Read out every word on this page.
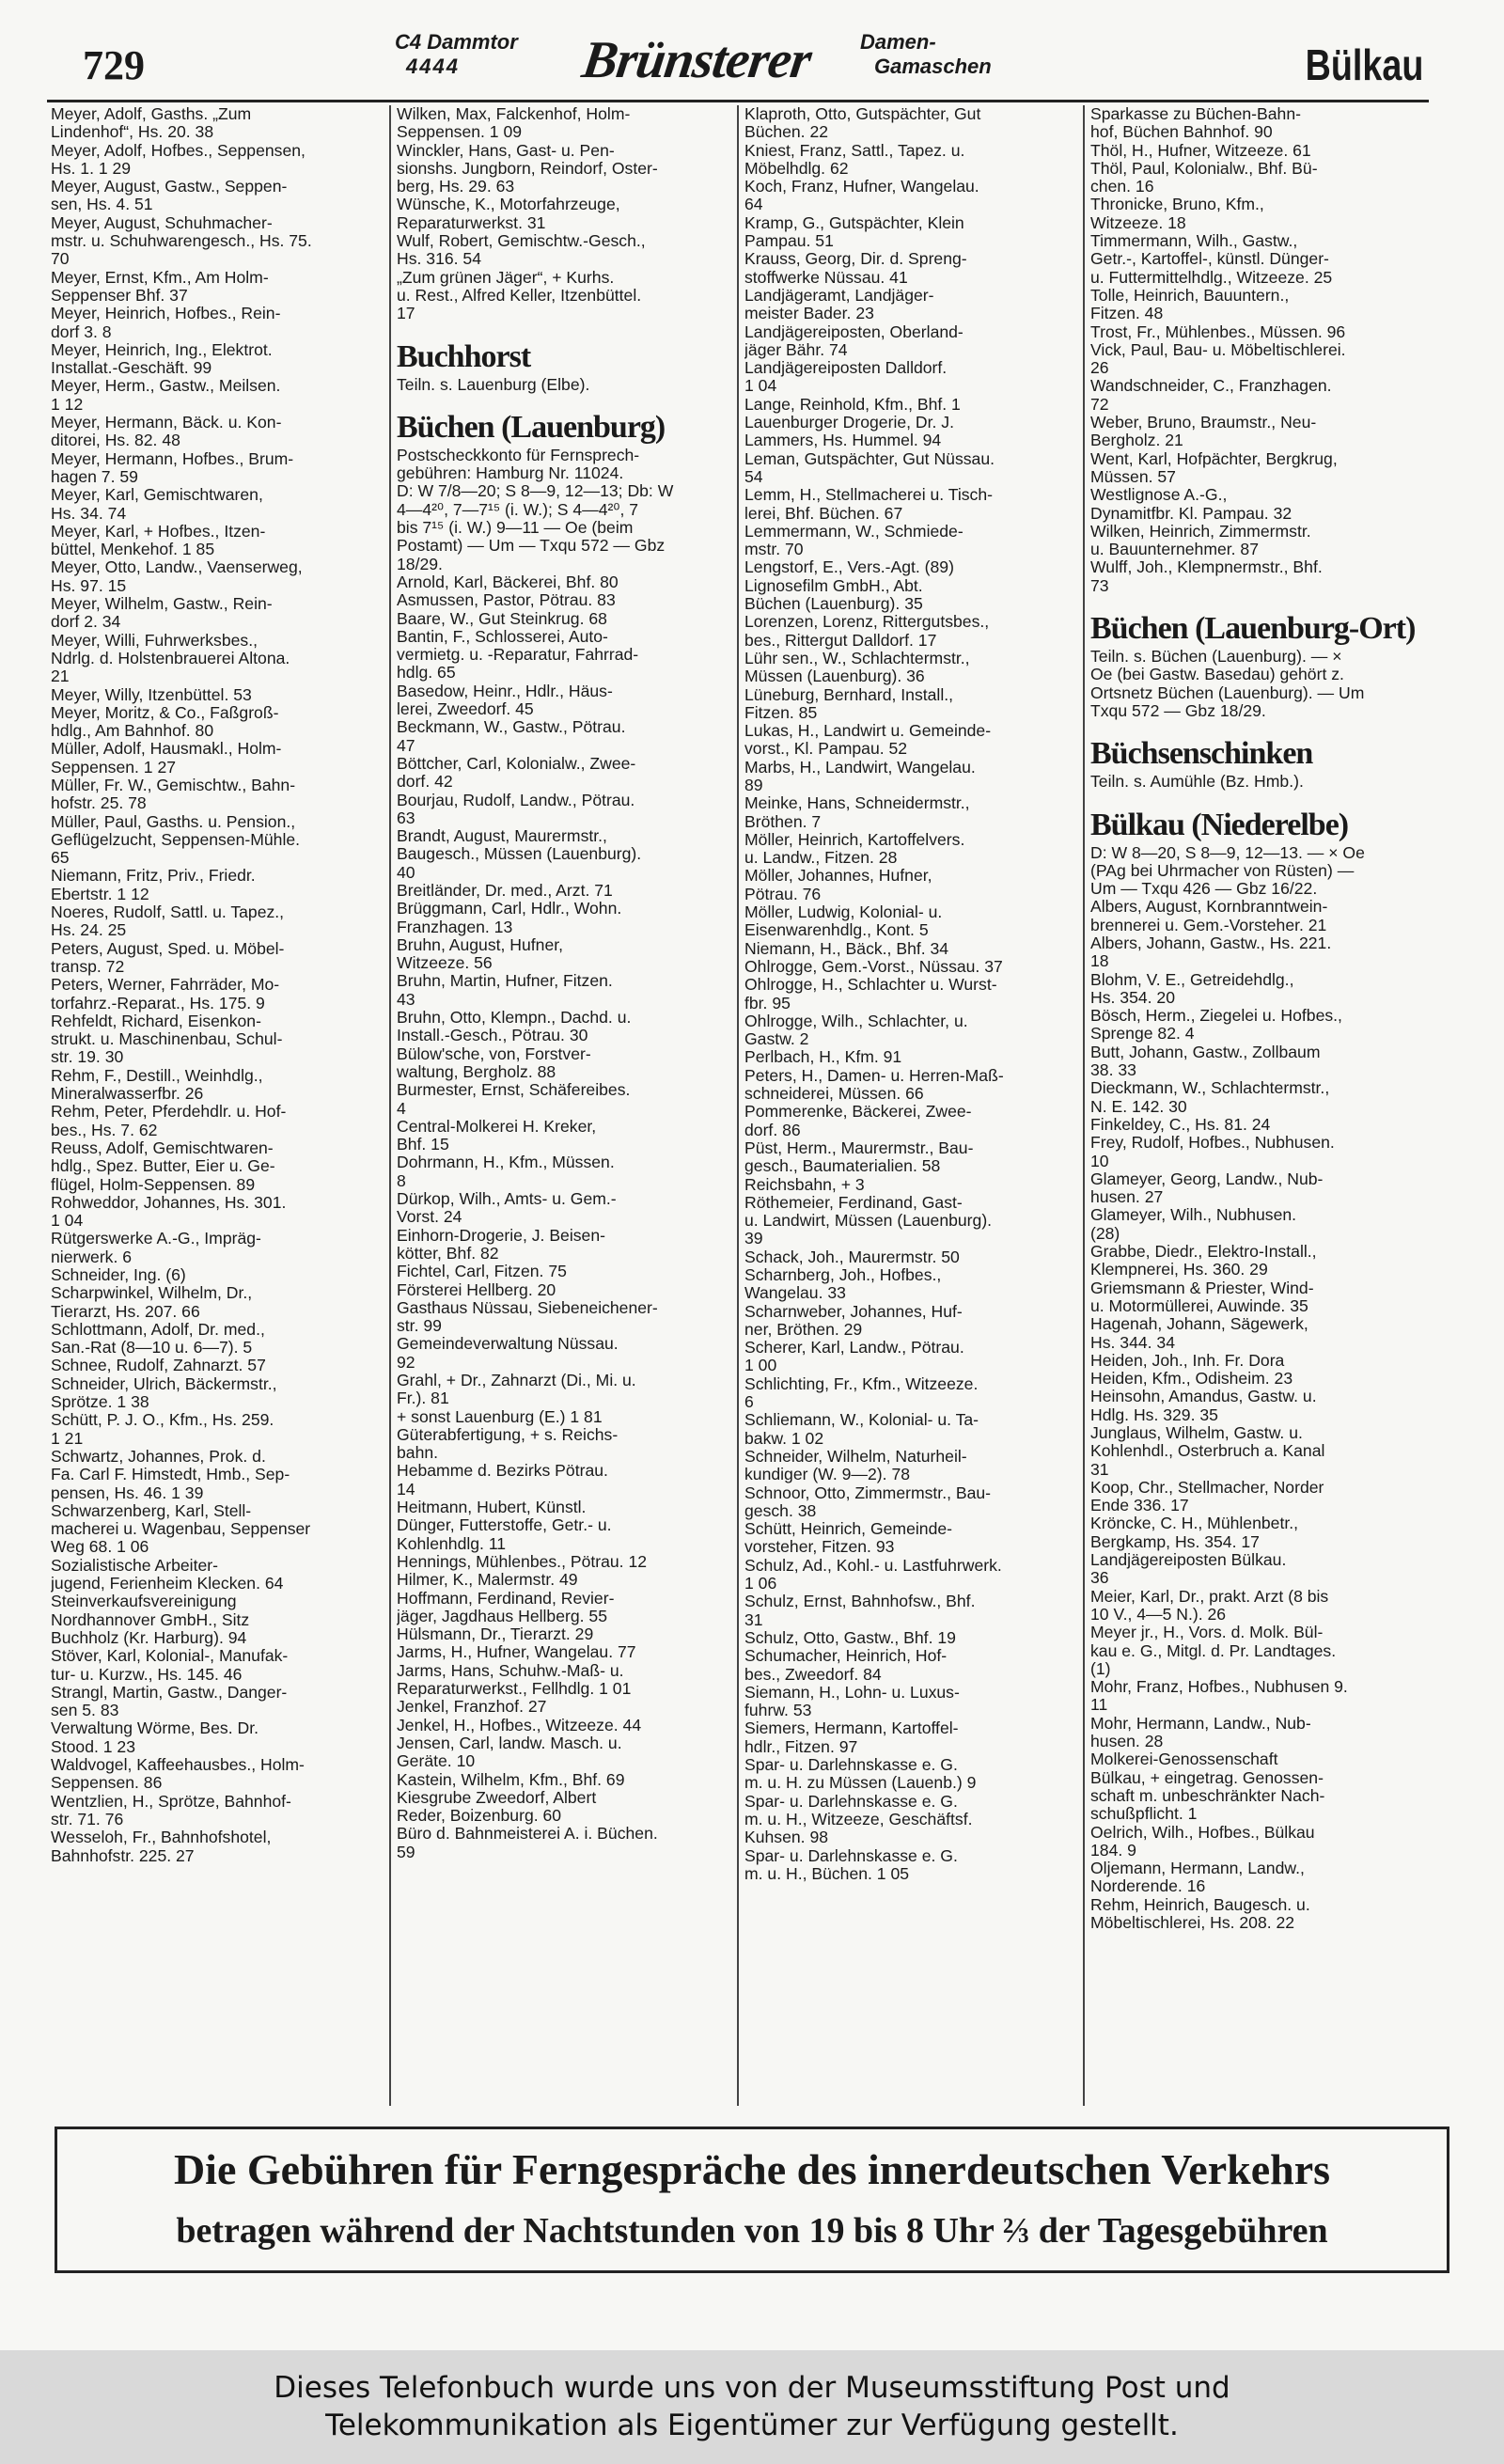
729
C4 Dammtor
4444 Brünsterer Damen-
Gamaschen	Bülkau
Meyer, Adolf, Gasths. „Zum
Lindenhof“, Hs. 20. 38
Meyer, Adolf, Hofbes., Seppensen,
Hs. 1. 1 29
Meyer, August, Gastw., Seppen-
sen, Hs. 4. 51
Meyer, August, Schuhmacher-
mstr. u. Schuhwarengesch., Hs. 75.
70
Meyer, Ernst, Kfm., Am Holm-
Seppenser Bhf. 37
Meyer, Heinrich, Hofbes., Rein-
dorf 3. 8
Meyer, Heinrich, Ing., Elektrot.
Installat.-Geschäft. 99
Meyer, Herm., Gastw., Meilsen.
1 12
Meyer, Hermann, Bäck. u. Kon-
ditorei, Hs. 82. 48
Meyer, Hermann, Hofbes., Brum-
hagen 7. 59
Meyer, Karl, Gemischtwaren,
Hs. 34. 74
Meyer, Karl, + Hofbes., Itzen-
büttel, Menkehof. 1 85
Meyer, Otto, Landw., Vaenserweg,
Hs. 97. 15
Meyer, Wilhelm, Gastw., Rein-
dorf 2. 34
Meyer, Willi, Fuhrwerksbes.,
Ndrlg. d. Holstenbrauerei Altona.
21
Meyer, Willy, Itzenbüttel. 53
Meyer, Moritz, & Co., Faßgroß-
hdlg., Am Bahnhof. 80
Müller, Adolf, Hausmakl., Holm-
Seppensen. 1 27
Müller, Fr. W., Gemischtw., Bahn-
hofstr. 25. 78
Müller, Paul, Gasths. u. Pension.,
Geflügelzucht, Seppensen-Mühle.
65
Niemann, Fritz, Priv., Friedr.
Ebertstr. 1 12
Noeres, Rudolf, Sattl. u. Tapez.,
Hs. 24. 25
Peters, August, Sped. u. Möbel-
transp. 72
Peters, Werner, Fahrräder, Mo-
torfahrz.-Reparat., Hs. 175. 9
Rehfeldt, Richard, Eisenkon-
strukt. u. Maschinenbau, Schul-
str. 19. 30
Rehm, F., Destill., Weinhdlg.,
Mineralwasserfbr. 26
Rehm, Peter, Pferdehdlr. u. Hof-
bes., Hs. 7. 62
Reuss, Adolf, Gemischtwaren-
hdlg., Spez. Butter, Eier u. Ge-
flügel, Holm-Seppensen. 89
Rohweddor, Johannes, Hs. 301.
1 04
Rütgerswerke A.-G., Impräg-
nierwerk. 6
Schneider, Ing. (6)
Scharpwinkel, Wilhelm, Dr.,
Tierarzt, Hs. 207. 66
Schlottmann, Adolf, Dr. med.,
San.-Rat (8—10 u. 6—7). 5
Schnee, Rudolf, Zahnarzt. 57
Schneider, Ulrich, Bäckermstr.,
Sprötze. 1 38
Schütt, P. J. O., Kfm., Hs. 259.
1 21
Schwartz, Johannes, Prok. d.
Fa. Carl F. Himstedt, Hmb., Sep-
pensen, Hs. 46. 1 39
Schwarzenberg, Karl, Stell-
macherei u. Wagenbau, Seppenser
Weg 68. 1 06
Sozialistische Arbeiter-
jugend, Ferienheim Klecken. 64
Steinverkaufsvereinigung
Nordhannover GmbH., Sitz
Buchholz (Kr. Harburg). 94
Stöver, Karl, Kolonial-, Manufak-
tur- u. Kurzw., Hs. 145. 46
Strangl, Martin, Gastw., Danger-
sen 5. 83
Verwaltung Wörme, Bes. Dr.
Stood. 1 23
Waldvogel, Kaffeehausbes., Holm-
Seppensen. 86
Wentzlien, H., Sprötze, Bahnhof-
str. 71. 76
Wesseloh, Fr., Bahnhofshotel,
Bahnhofstr. 225. 27
Wilken, Max, Falckenhof, Holm-
Seppensen. 1 09
Winckler, Hans, Gast- u. Pen-
sionshs. Jungborn, Reindorf, Oster-
berg, Hs. 29. 63
Wünsche, K., Motorfahrzeuge,
Reparaturwerkst. 31
Wulf, Robert, Gemischtw.-Gesch.,
Hs. 316. 54
„Zum grünen Jäger“, + Kurhs.
u. Rest., Alfred Keller, Itzenbüttel.
17
Buchhorst
Teiln. s. Lauenburg (Elbe).
Büchen (Lauenburg)
Postscheckkonto für Fernsprech-
gebühren: Hamburg Nr. 11024.
D: W 7/8—20; S 8—9, 12—13; Db: W
4—4²⁰, 7—7¹⁵ (i. W.); S 4—4²⁰, 7
bis 7¹⁵ (i. W.) 9—11 — Oe (beim
Postamt) — Um — Txqu 572 — Gbz
18/29.
Arnold, Karl, Bäckerei, Bhf. 80
Asmussen, Pastor, Pötrau. 83
Baare, W., Gut Steinkrug. 68
Bantin, F., Schlosserei, Auto-
vermietg. u. -Reparatur, Fahrrad-
hdlg. 65
Basedow, Heinr., Hdlr., Häus-
lerei, Zweedorf. 45
Beckmann, W., Gastw., Pötrau.
47
Böttcher, Carl, Kolonialw., Zwee-
dorf. 42
Bourjau, Rudolf, Landw., Pötrau.
63
Brandt, August, Maurermstr.,
Baugesch., Müssen (Lauenburg).
40
Breitländer, Dr. med., Arzt. 71
Brüggmann, Carl, Hdlr., Wohn.
Franzhagen. 13
Bruhn, August, Hufner,
Witzeeze. 56
Bruhn, Martin, Hufner, Fitzen.
43
Bruhn, Otto, Klempn., Dachd. u.
Install.-Gesch., Pötrau. 30
Bülow'sche, von, Forstver-
waltung, Bergholz. 88
Burmester, Ernst, Schäfereibes.
4
Central-Molkerei H. Kreker,
Bhf. 15
Dohrmann, H., Kfm., Müssen.
8
Dürkop, Wilh., Amts- u. Gem.-
Vorst. 24
Einhorn-Drogerie, J. Beisen-
kötter, Bhf. 82
Fichtel, Carl, Fitzen. 75
Försterei Hellberg. 20
Gasthaus Nüssau, Siebeneichener-
str. 99
Gemeindeverwaltung Nüssau.
92
Grahl, + Dr., Zahnarzt (Di., Mi. u.
Fr.). 81
+ sonst Lauenburg (E.) 1 81
Güterabfertigung, + s. Reichs-
bahn.
Hebamme d. Bezirks Pötrau.
14
Heitmann, Hubert, Künstl.
Dünger, Futterstoffe, Getr.- u.
Kohlenhdlg. 11
Hennings, Mühlenbes., Pötrau. 12
Hilmer, K., Malermstr. 49
Hoffmann, Ferdinand, Revier-
jäger, Jagdhaus Hellberg. 55
Hülsmann, Dr., Tierarzt. 29
Jarms, H., Hufner, Wangelau. 77
Jarms, Hans, Schuhw.-Maß- u.
Reparaturwerkst., Fellhdlg. 1 01
Jenkel, Franzhof. 27
Jenkel, H., Hofbes., Witzeeze. 44
Jensen, Carl, landw. Masch. u.
Geräte. 10
Kastein, Wilhelm, Kfm., Bhf. 69
Kiesgrube Zweedorf, Albert
Reder, Boizenburg. 60
Büro d. Bahnmeisterei A. i. Büchen.
59
Klaproth, Otto, Gutspächter, Gut
Büchen. 22
Kniest, Franz, Sattl., Tapez. u.
Möbelhdlg. 62
Koch, Franz, Hufner, Wangelau.
64
Kramp, G., Gutspächter, Klein
Pampau. 51
Krauss, Georg, Dir. d. Spreng-
stoffwerke Nüssau. 41
Landjägeramt, Landjäger-
meister Bader. 23
Landjägereiposten, Oberland-
jäger Bähr. 74
Landjägereiposten Dalldorf.
1 04
Lange, Reinhold, Kfm., Bhf. 1
Lauenburger Drogerie, Dr. J.
Lammers, Hs. Hummel. 94
Leman, Gutspächter, Gut Nüssau.
54
Lemm, H., Stellmacherei u. Tisch-
lerei, Bhf. Büchen. 67
Lemmermann, W., Schmiede-
mstr. 70
Lengstorf, E., Vers.-Agt. (89)
Lignosefilm GmbH., Abt.
Büchen (Lauenburg). 35
Lorenzen, Lorenz, Rittergutsbes.,
bes., Rittergut Dalldorf. 17
Lühr sen., W., Schlachtermstr.,
Müssen (Lauenburg). 36
Lüneburg, Bernhard, Install.,
Fitzen. 85
Lukas, H., Landwirt u. Gemeinde-
vorst., Kl. Pampau. 52
Marbs, H., Landwirt, Wangelau.
89
Meinke, Hans, Schneidermstr.,
Bröthen. 7
Möller, Heinrich, Kartoffelvers.
u. Landw., Fitzen. 28
Möller, Johannes, Hufner,
Pötrau. 76
Möller, Ludwig, Kolonial- u.
Eisenwarenhdlg., Kont. 5
Niemann, H., Bäck., Bhf. 34
Ohlrogge, Gem.-Vorst., Nüssau. 37
Ohlrogge, H., Schlachter u. Wurst-
fbr. 95
Ohlrogge, Wilh., Schlachter, u.
Gastw. 2
Perlbach, H., Kfm. 91
Peters, H., Damen- u. Herren-Maß-
schneiderei, Müssen. 66
Pommerenke, Bäckerei, Zwee-
dorf. 86
Püst, Herm., Maurermstr., Bau-
gesch., Baumaterialien. 58
Reichsbahn, + 3
Röthemeier, Ferdinand, Gast-
u. Landwirt, Müssen (Lauenburg).
39
Schack, Joh., Maurermstr. 50
Scharnberg, Joh., Hofbes.,
Wangelau. 33
Scharnweber, Johannes, Huf-
ner, Bröthen. 29
Scherer, Karl, Landw., Pötrau.
1 00
Schlichting, Fr., Kfm., Witzeeze.
6
Schliemann, W., Kolonial- u. Ta-
bakw. 1 02
Schneider, Wilhelm, Naturheil-
kundiger (W. 9—2). 78
Schnoor, Otto, Zimmermstr., Bau-
gesch. 38
Schütt, Heinrich, Gemeinde-
vorsteher, Fitzen. 93
Schulz, Ad., Kohl.- u. Lastfuhrwerk.
1 06
Schulz, Ernst, Bahnhofsw., Bhf.
31
Schulz, Otto, Gastw., Bhf. 19
Schumacher, Heinrich, Hof-
bes., Zweedorf. 84
Siemann, H., Lohn- u. Luxus-
fuhrw. 53
Siemers, Hermann, Kartoffel-
hdlr., Fitzen. 97
Spar- u. Darlehnskasse e. G.
m. u. H. zu Müssen (Lauenb.) 9
Spar- u. Darlehnskasse e. G.
m. u. H., Witzeeze, Geschäftsf.
Kuhsen. 98
Spar- u. Darlehnskasse e. G.
m. u. H., Büchen. 1 05
Sparkasse zu Büchen-Bahn-
hof, Büchen Bahnhof. 90
Thöl, H., Hufner, Witzeeze. 61
Thöl, Paul, Kolonialw., Bhf. Bü-
chen. 16
Thronicke, Bruno, Kfm.,
Witzeeze. 18
Timmermann, Wilh., Gastw.,
Getr.-, Kartoffel-, künstl. Dünger-
u. Futtermittelhdlg., Witzeeze. 25
Tolle, Heinrich, Bauuntern.,
Fitzen. 48
Trost, Fr., Mühlenbes., Müssen. 96
Vick, Paul, Bau- u. Möbeltischlerei.
26
Wandschneider, C., Franzhagen.
72
Weber, Bruno, Braumstr., Neu-
Bergholz. 21
Went, Karl, Hofpächter, Bergkrug,
Müssen. 57
Westlignose A.-G.,
Dynamitfbr. Kl. Pampau. 32
Wilken, Heinrich, Zimmermstr.
u. Bauunternehmer. 87
Wulff, Joh., Klempnermstr., Bhf.
73
Büchen (Lauenburg-Ort)
Teiln. s. Büchen (Lauenburg). — ×
Oe (bei Gastw. Basedau) gehört z.
Ortsnetz Büchen (Lauenburg). — Um
Txqu 572 — Gbz 18/29.
Büchsenschinken
Teiln. s. Aumühle (Bz. Hmb.).
Bülkau (Niederelbe)
D: W 8—20, S 8—9, 12—13. — × Oe
(PAg bei Uhrmacher von Rüsten) —
Um — Txqu 426 — Gbz 16/22.
Albers, August, Kornbranntwein-
brennerei u. Gem.-Vorsteher. 21
Albers, Johann, Gastw., Hs. 221.
18
Blohm, V. E., Getreidehdlg.,
Hs. 354. 20
Bösch, Herm., Ziegelei u. Hofbes.,
Sprenge 82. 4
Butt, Johann, Gastw., Zollbaum
38. 33
Dieckmann, W., Schlachtermstr.,
N. E. 142. 30
Finkeldey, C., Hs. 81. 24
Frey, Rudolf, Hofbes., Nubhusen.
10
Glameyer, Georg, Landw., Nub-
husen. 27
Glameyer, Wilh., Nubhusen.
(28)
Grabbe, Diedr., Elektro-Install.,
Klempnerei, Hs. 360. 29
Griemsmann & Priester, Wind-
u. Motormüllerei, Auwinde. 35
Hagenah, Johann, Sägewerk,
Hs. 344. 34
Heiden, Joh., Inh. Fr. Dora
Heiden, Kfm., Odisheim. 23
Heinsohn, Amandus, Gastw. u.
Hdlg. Hs. 329. 35
Junglaus, Wilhelm, Gastw. u.
Kohlenhdl., Osterbruch a. Kanal
31
Koop, Chr., Stellmacher, Norder
Ende 336. 17
Kröncke, C. H., Mühlenbetr.,
Bergkamp, Hs. 354. 17
Landjägereiposten Bülkau.
36
Meier, Karl, Dr., prakt. Arzt (8 bis
10 V., 4—5 N.). 26
Meyer jr., H., Vors. d. Molk. Bül-
kau e. G., Mitgl. d. Pr. Landtages.
(1)
Mohr, Franz, Hofbes., Nubhusen 9.
11
Mohr, Hermann, Landw., Nub-
husen. 28
Molkerei-Genossenschaft
Bülkau, + eingetrag. Genossen-
schaft m. unbeschränkter Nach-
schußpflicht. 1
Oelrich, Wilh., Hofbes., Bülkau
184. 9
Oljemann, Hermann, Landw.,
Norderende. 16
Rehm, Heinrich, Baugesch. u.
Möbeltischlerei, Hs. 208. 22
Die Gebühren für Ferngespräche des innerdeutschen Verkehrs
betragen während der Nachtstunden von 19 bis 8 Uhr ⅔ der Tagesgebühren
Dieses Telefonbuch wurde uns von der Museumsstiftung Post und
Telekommunikation als Eigentümer zur Verfügung gestellt.
